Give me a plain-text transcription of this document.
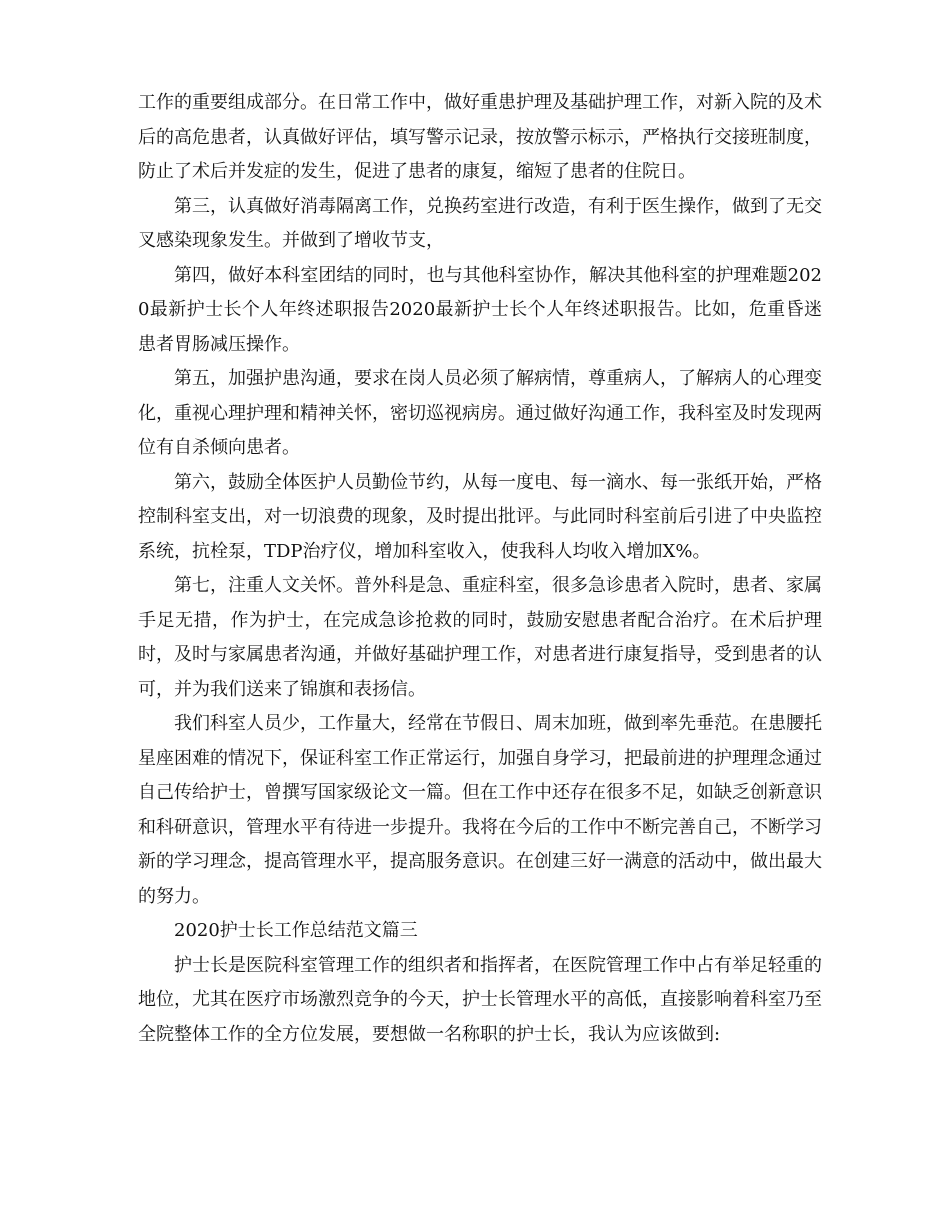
工作的重要组成部分。在日常工作中，做好重患护理及基础护理工作，对新入院的及术后的高危患者，认真做好评估，填写警示记录，按放警示标示，严格执行交接班制度，防止了术后并发症的发生，促进了患者的康复，缩短了患者的住院日。

第三，认真做好消毒隔离工作，兑换药室进行改造，有利于医生操作，做到了无交叉感染现象发生。并做到了增收节支，

第四，做好本科室团结的同时，也与其他科室协作，解决其他科室的护理难题2020最新护士长个人年终述职报告2020最新护士长个人年终述职报告。比如，危重昏迷患者胃肠减压操作。

第五，加强护患沟通，要求在岗人员必须了解病情，尊重病人，了解病人的心理变化，重视心理护理和精神关怀，密切巡视病房。通过做好沟通工作，我科室及时发现两位有自杀倾向患者。

第六，鼓励全体医护人员勤俭节约，从每一度电、每一滴水、每一张纸开始，严格控制科室支出，对一切浪费的现象，及时提出批评。与此同时科室前后引进了中央监控系统，抗栓泵，TDP治疗仪，增加科室收入，使我科人均收入增加X%。

第七，注重人文关怀。普外科是急、重症科室，很多急诊患者入院时，患者、家属手足无措，作为护士，在完成急诊抢救的同时，鼓励安慰患者配合治疗。在术后护理时，及时与家属患者沟通，并做好基础护理工作，对患者进行康复指导，受到患者的认可，并为我们送来了锦旗和表扬信。

我们科室人员少，工作量大，经常在节假日、周末加班，做到率先垂范。在患腰托星座困难的情况下，保证科室工作正常运行，加强自身学习，把最前进的护理理念通过自己传给护士，曾撰写国家级论文一篇。但在工作中还存在很多不足，如缺乏创新意识和科研意识，管理水平有待进一步提升。我将在今后的工作中不断完善自己，不断学习新的学习理念，提高管理水平，提高服务意识。在创建三好一满意的活动中，做出最大的努力。

2020护士长工作总结范文篇三

护士长是医院科室管理工作的组织者和指挥者，在医院管理工作中占有举足轻重的地位，尤其在医疗市场激烈竞争的今天，护士长管理水平的高低，直接影响着科室乃至全院整体工作的全方位发展，要想做一名称职的护士长，我认为应该做到:
